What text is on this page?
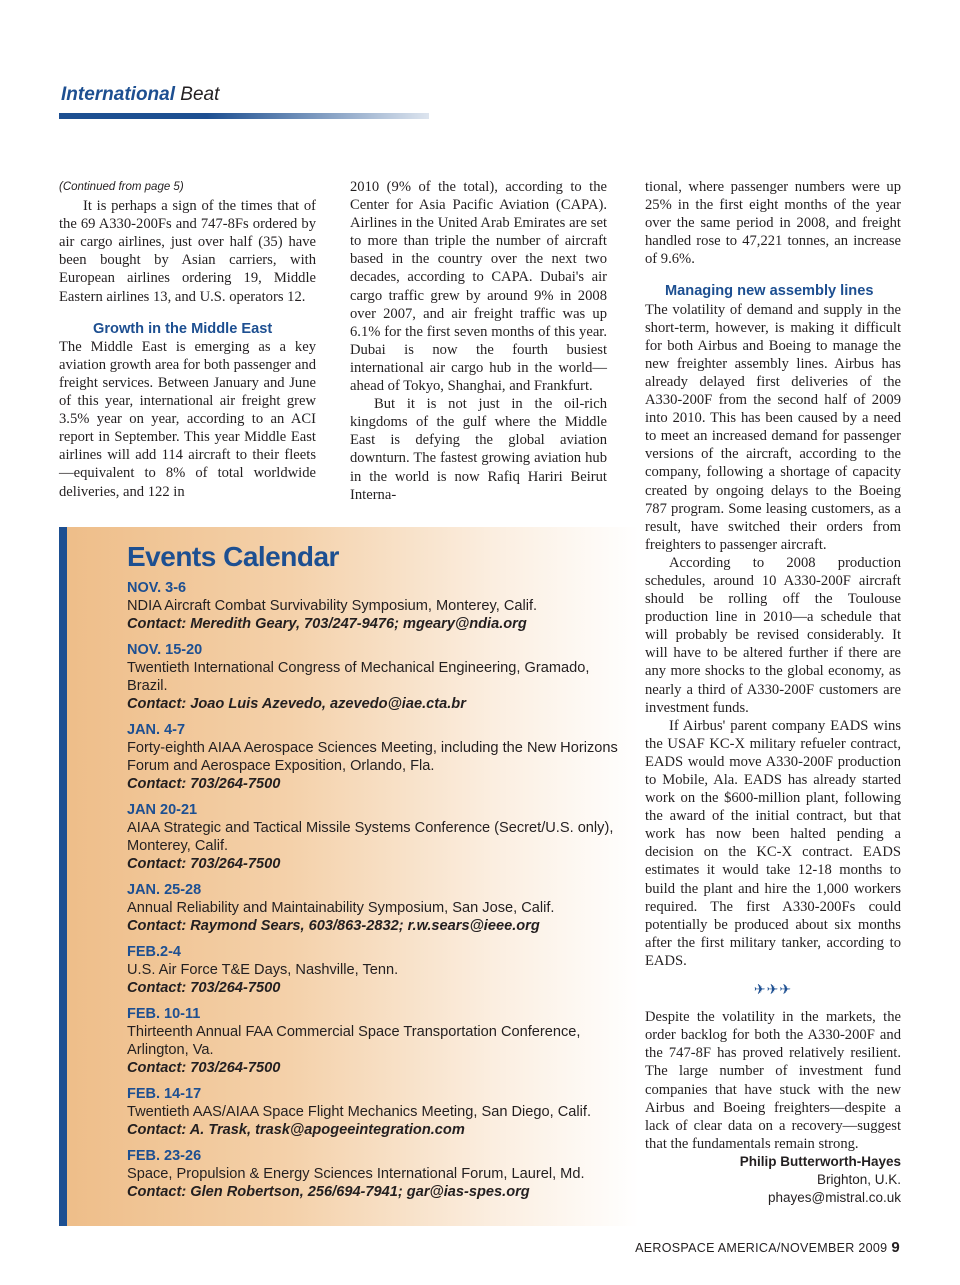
International Beat

(Continued from page 5)

It is perhaps a sign of the times that of the 69 A330-200Fs and 747-8Fs ordered by air cargo airlines, just over half (35) have been bought by Asian carriers, with European airlines ordering 19, Middle Eastern airlines 13, and U.S. operators 12.

Growth in the Middle East

The Middle East is emerging as a key aviation growth area for both passenger and freight services. Between January and June of this year, international air freight grew 3.5% year on year, according to an ACI report in September. This year Middle East airlines will add 114 aircraft to their fleets—equivalent to 8% of total worldwide deliveries, and 122 in

2010 (9% of the total), according to the Center for Asia Pacific Aviation (CAPA). Airlines in the United Arab Emirates are set to more than triple the number of aircraft based in the country over the next two decades, according to CAPA. Dubai's air cargo traffic grew by around 9% in 2008 over 2007, and air freight traffic was up 6.1% for the first seven months of this year. Dubai is now the fourth busiest international air cargo hub in the world—ahead of Tokyo, Shanghai, and Frankfurt.

But it is not just in the oil-rich kingdoms of the gulf where the Middle East is defying the global aviation downturn. The fastest growing aviation hub in the world is now Rafiq Hariri Beirut Interna-

tional, where passenger numbers were up 25% in the first eight months of the year over the same period in 2008, and freight handled rose to 47,221 tonnes, an increase of 9.6%.

Managing new assembly lines

The volatility of demand and supply in the short-term, however, is making it difficult for both Airbus and Boeing to manage the new freighter assembly lines. Airbus has already delayed first deliveries of the A330-200F from the second half of 2009 into 2010. This has been caused by a need to meet an increased demand for passenger versions of the aircraft, according to the company, following a shortage of capacity created by ongoing delays to the Boeing 787 program. Some leasing customers, as a result, have switched their orders from freighters to passenger aircraft.

According to 2008 production schedules, around 10 A330-200F aircraft should be rolling off the Toulouse production line in 2010—a schedule that will probably be revised considerably. It will have to be altered further if there are any more shocks to the global economy, as nearly a third of A330-200F customers are investment funds.

If Airbus' parent company EADS wins the USAF KC-X military refueler contract, EADS would move A330-200F production to Mobile, Ala. EADS has already started work on the $600-million plant, following the award of the initial contract, but that work has now been halted pending a decision on the KC-X contract. EADS estimates it would take 12-18 months to build the plant and hire the 1,000 workers required. The first A330-200Fs could potentially be produced about six months after the first military tanker, according to EADS.

✈✈✈

Despite the volatility in the markets, the order backlog for both the A330-200F and the 747-8F has proved relatively resilient. The large number of investment fund companies that have stuck with the new Airbus and Boeing freighters—despite a lack of clear data on a recovery—suggest that the fundamentals remain strong.
Philip Butterworth-Hayes

Brighton, U.K.

phayes@mistral.co.uk

Events Calendar
NOV. 3-6
NDIA Aircraft Combat Survivability Symposium, Monterey, Calif.
Contact: Meredith Geary, 703/247-9476; mgeary@ndia.org
NOV. 15-20
Twentieth International Congress of Mechanical Engineering, Gramado, Brazil.
Contact: Joao Luis Azevedo, azevedo@iae.cta.br
JAN. 4-7
Forty-eighth AIAA Aerospace Sciences Meeting, including the New Horizons Forum and Aerospace Exposition, Orlando, Fla.
Contact: 703/264-7500
JAN 20-21
AIAA Strategic and Tactical Missile Systems Conference (Secret/U.S. only), Monterey, Calif.
Contact: 703/264-7500
JAN. 25-28
Annual Reliability and Maintainability Symposium, San Jose, Calif.
Contact: Raymond Sears, 603/863-2832; r.w.sears@ieee.org
FEB.2-4
U.S. Air Force T&E Days, Nashville, Tenn.
Contact: 703/264-7500
FEB. 10-11
Thirteenth Annual FAA Commercial Space Transportation Conference, Arlington, Va.
Contact: 703/264-7500
FEB. 14-17
Twentieth AAS/AIAA Space Flight Mechanics Meeting, San Diego, Calif.
Contact: A. Trask, trask@apogeeintegration.com
FEB. 23-26
Space, Propulsion & Energy Sciences International Forum, Laurel, Md.
Contact: Glen Robertson, 256/694-7941; gar@ias-spes.org
AEROSPACE AMERICA/NOVEMBER 2009 9
